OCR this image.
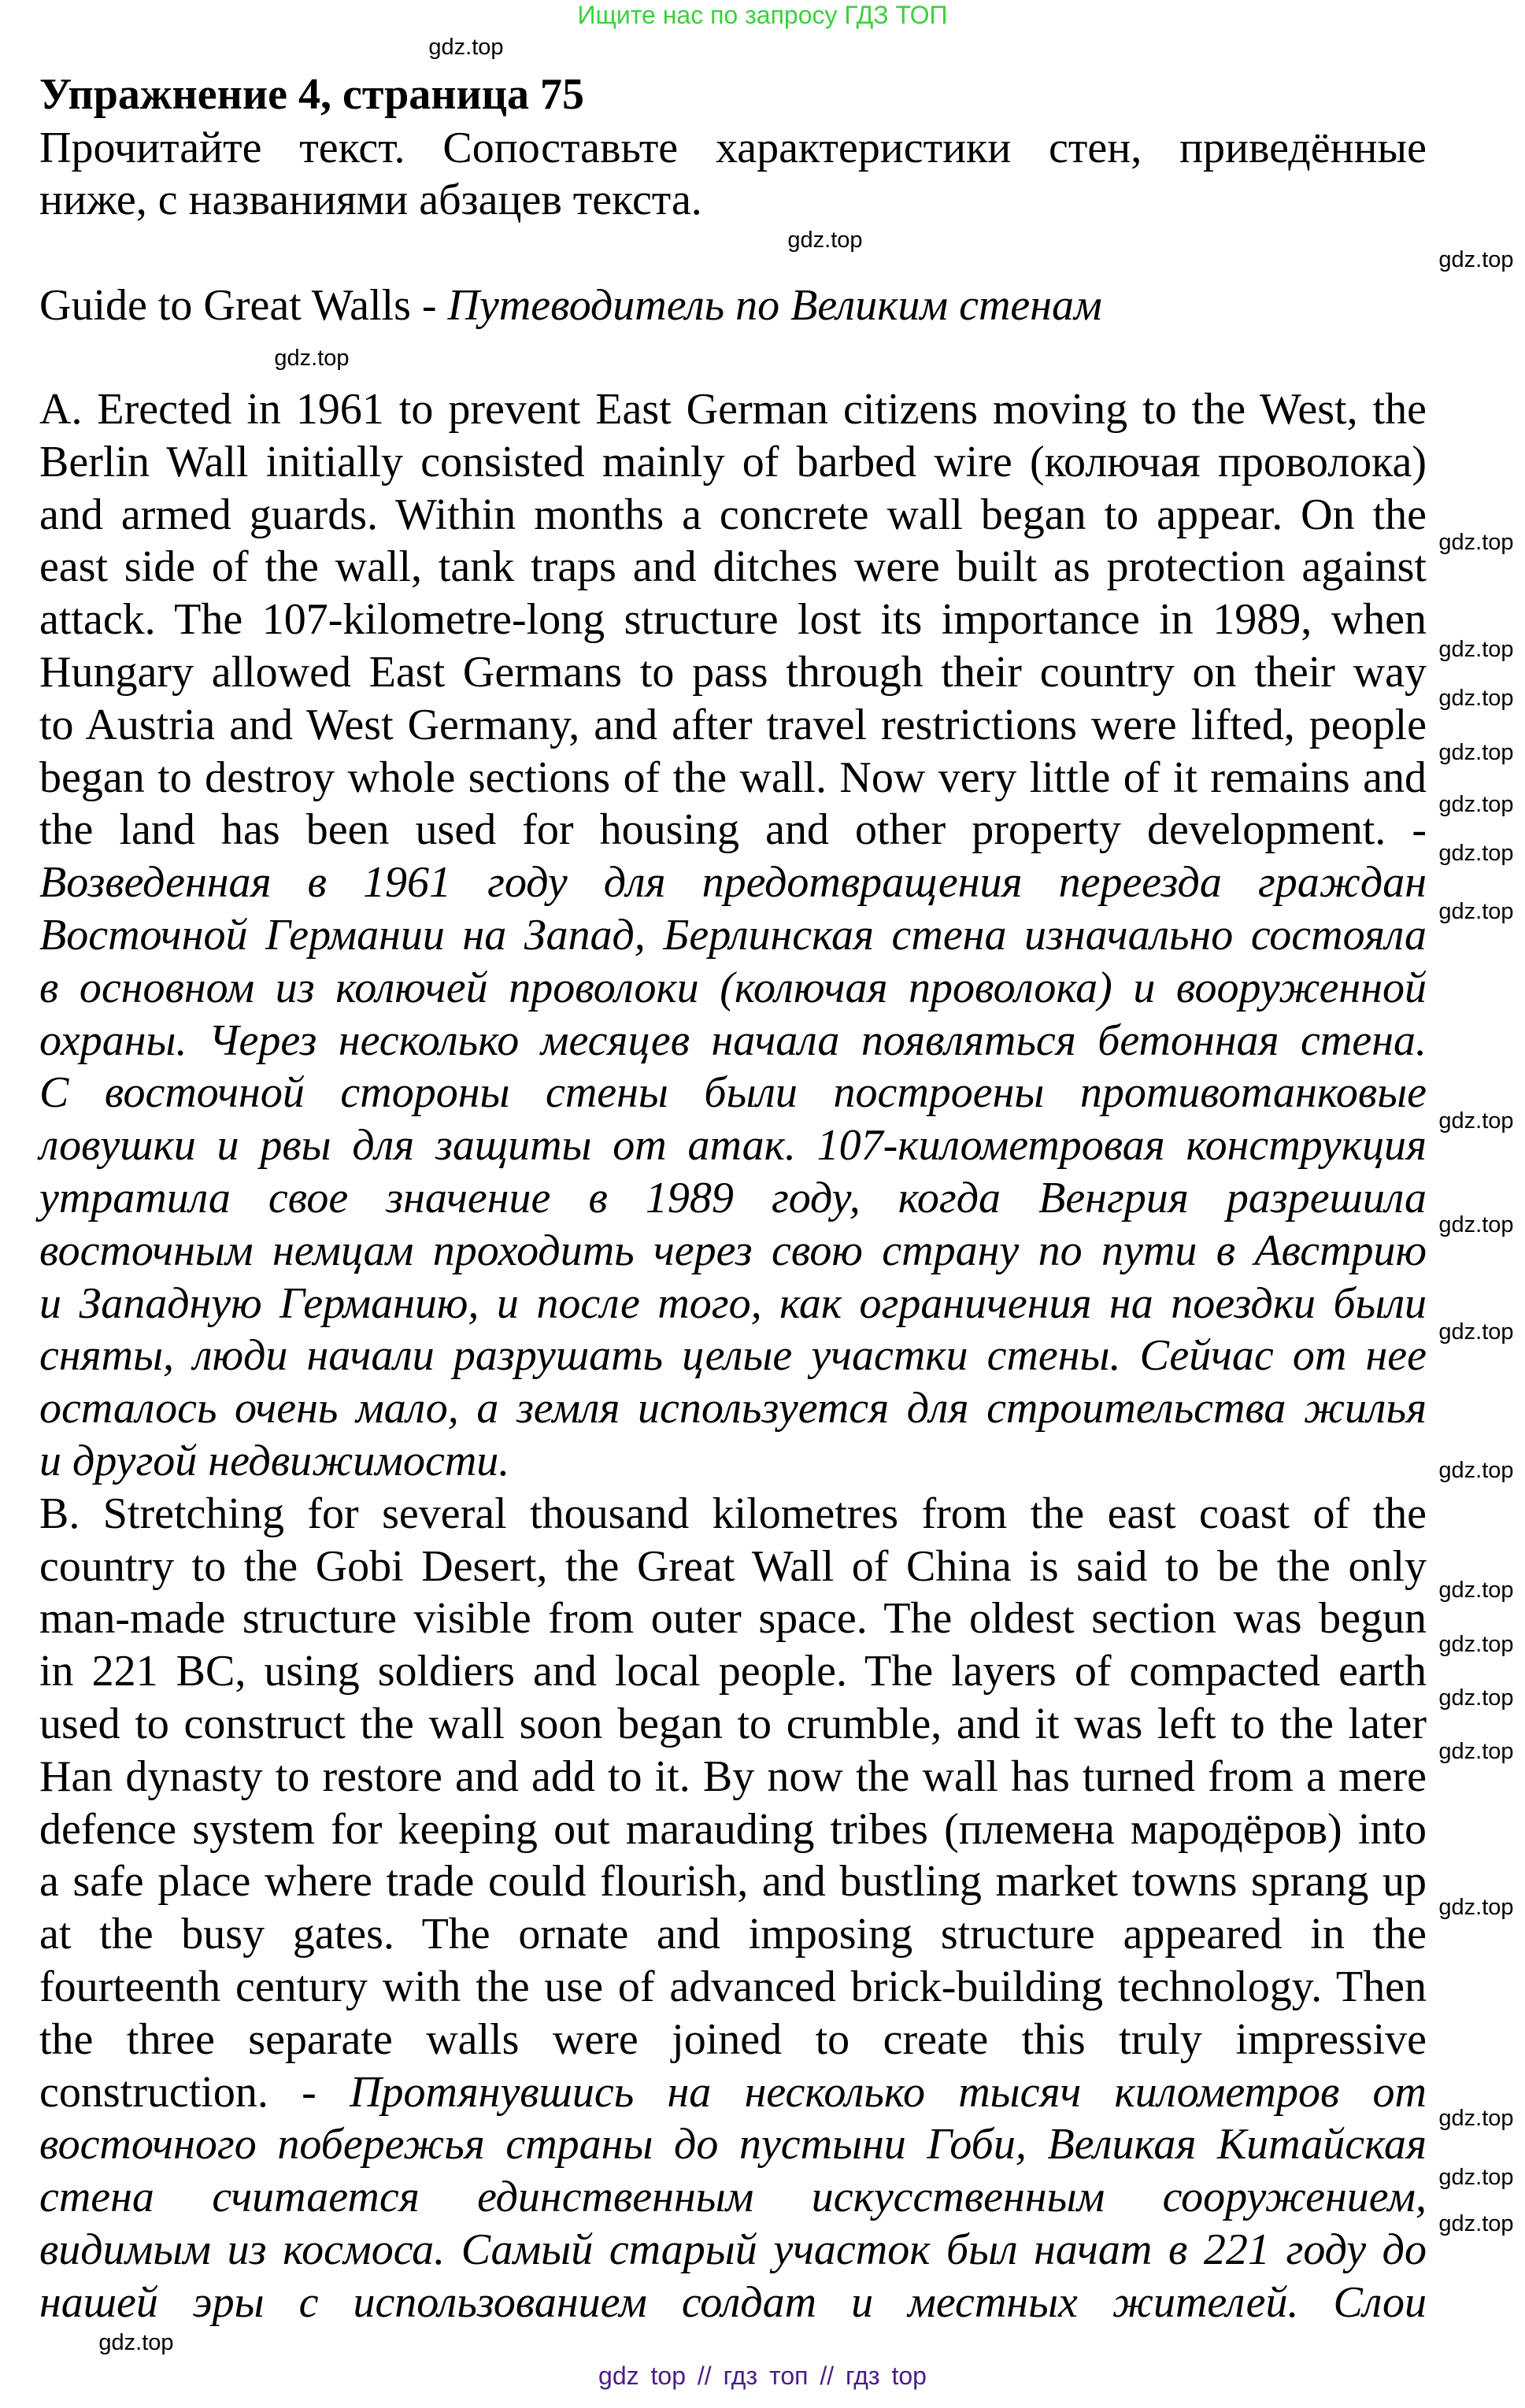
Ищите нас по запросу ГДЗ ТОП
Упражнение 4, страница 75
Прочитайте текст. Сопоставьте характеристики стен, приведённые
ниже, с названиями абзацев текста.
Guide to Great Walls - Путеводитель по Великим стенам
A. Erected in 1961 to prevent East German citizens moving to the West, the
Berlin Wall initially consisted mainly of barbed wire (колючая проволока)
and armed guards. Within months a concrete wall began to appear. On the
east side of the wall, tank traps and ditches were built as protection against
attack. The 107-kilometre-long structure lost its importance in 1989, when
Hungary allowed East Germans to pass through their country on their way
to Austria and West Germany, and after travel restrictions were lifted, people
began to destroy whole sections of the wall. Now very little of it remains and
the land has been used for housing and other property development. -
Возведенная в 1961 году для предотвращения переезда граждан
Восточной Германии на Запад, Берлинская стена изначально состояла
в основном из колючей проволоки (колючая проволока) и вооруженной
охраны. Через несколько месяцев начала появляться бетонная стена.
С восточной стороны стены были построены противотанковые
ловушки и рвы для защиты от атак. 107-километровая конструкция
утратила свое значение в 1989 году, когда Венгрия разрешила
восточным немцам проходить через свою страну по пути в Австрию
и Западную Германию, и после того, как ограничения на поездки были
сняты, люди начали разрушать целые участки стены. Сейчас от нее
осталось очень мало, а земля используется для строительства жилья
и другой недвижимости.
B. Stretching for several thousand kilometres from the east coast of the
country to the Gobi Desert, the Great Wall of China is said to be the only
man-made structure visible from outer space. The oldest section was begun
in 221 BC, using soldiers and local people. The layers of compacted earth
used to construct the wall soon began to crumble, and it was left to the later
Han dynasty to restore and add to it. By now the wall has turned from a mere
defence system for keeping out marauding tribes (племена мародёров) into
a safe place where trade could flourish, and bustling market towns sprang up
at the busy gates. The ornate and imposing structure appeared in the
fourteenth century with the use of advanced brick-building technology. Then
the three separate walls were joined to create this truly impressive
construction. - Протянувшись на несколько тысяч километров от
восточного побережья страны до пустыни Гоби, Великая Китайская
стена считается единственным искусственным сооружением,
видимым из космоса. Самый старый участок был начат в 221 году до
нашей эры с использованием солдат и местных жителей. Слои
gdz.top
gdz.top
gdz.top
gdz.top
gdz.top
gdz.top
gdz.top
gdz.top
gdz.top
gdz.top
gdz.top
gdz.top
gdz.top
gdz.top
gdz.top
gdz.top
gdz.top
gdz.top
gdz.top
gdz.top
gdz.top
gdz.top
gdz.top
gdz.top
gdz top // гдз топ // гдз top
